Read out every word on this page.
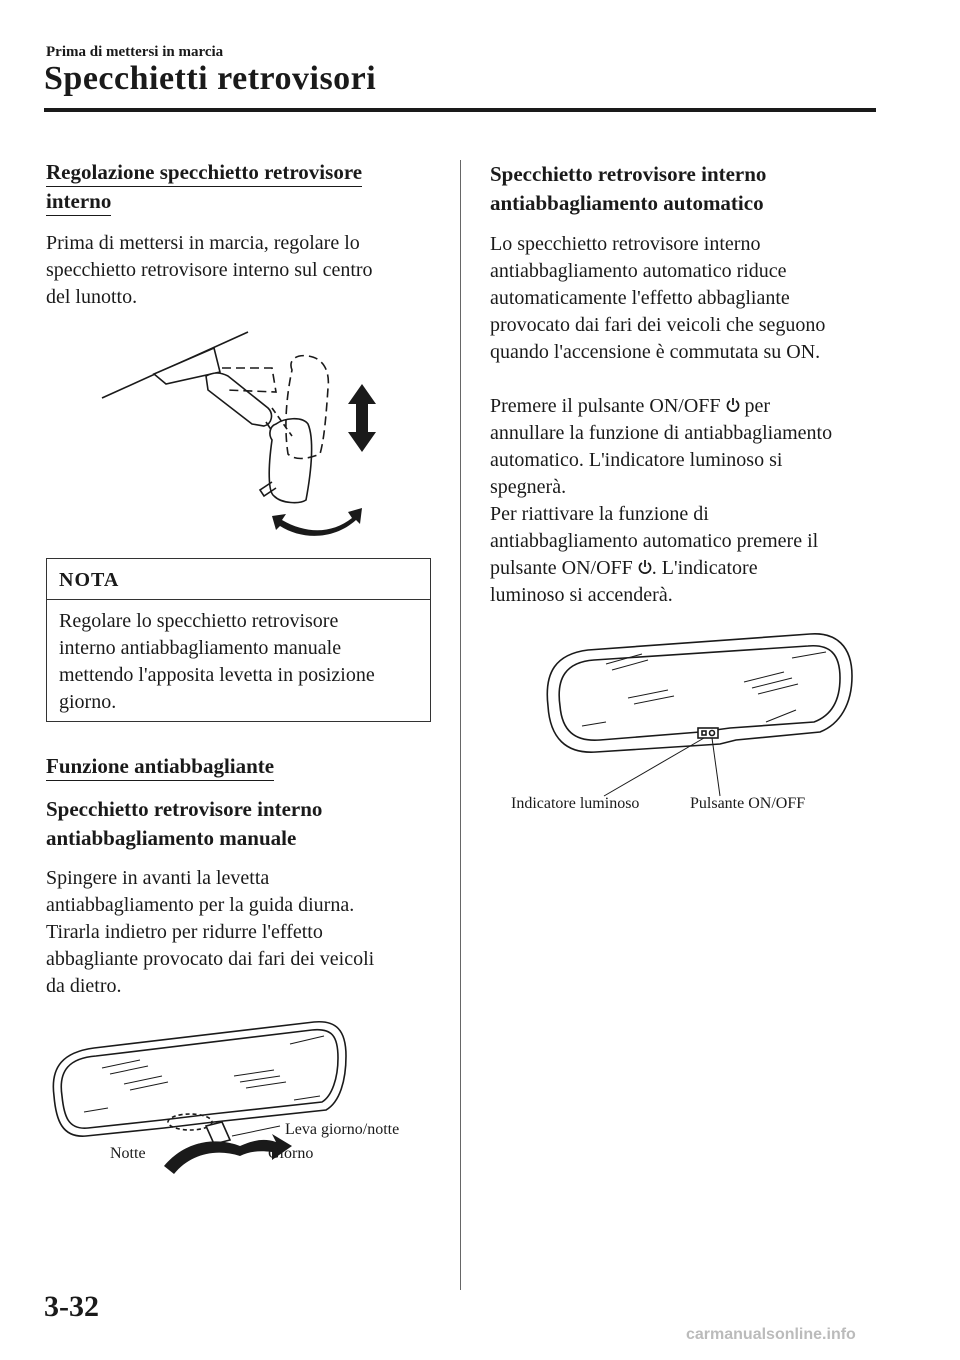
Prima di mettersi in marcia
Specchietti retrovisori
Regolazione specchietto retrovisore
interno

Prima di mettersi in marcia, regolare lo

specchietto retrovisore interno sul centro

del lunotto.

NOTA

Regolare lo specchietto retrovisore

interno antiabbagliamento manuale

mettendo l'apposita levetta in posizione

giorno.

Funzione antiabbagliante
Specchietto retrovisore interno
antiabbagliamento manuale

Spingere in avanti la levetta

antiabbagliamento per la guida diurna.

Tirarla indietro per ridurre l'effetto

abbagliante provocato dai fari dei veicoli

da dietro.

Leva giorno/notte
Notte	Giorno
Specchietto retrovisore interno
antiabbagliamento automatico

Lo specchietto retrovisore interno

antiabbagliamento automatico riduce

automaticamente l'effetto abbagliante

provocato dai fari dei veicoli che seguono

quando l'accensione è commutata su ON.

Premere il pulsante ON/OFF per

annullare la funzione di antiabbagliamento

automatico. L'indicatore luminoso si

spegnerà.

Per riattivare la funzione di

antiabbagliamento automatico premere il

pulsante ON/OFF . L'indicatore

luminoso si accenderà.

Indicatore luminoso	Pulsante ON/OFF
3-32
carmanualsonline.info
